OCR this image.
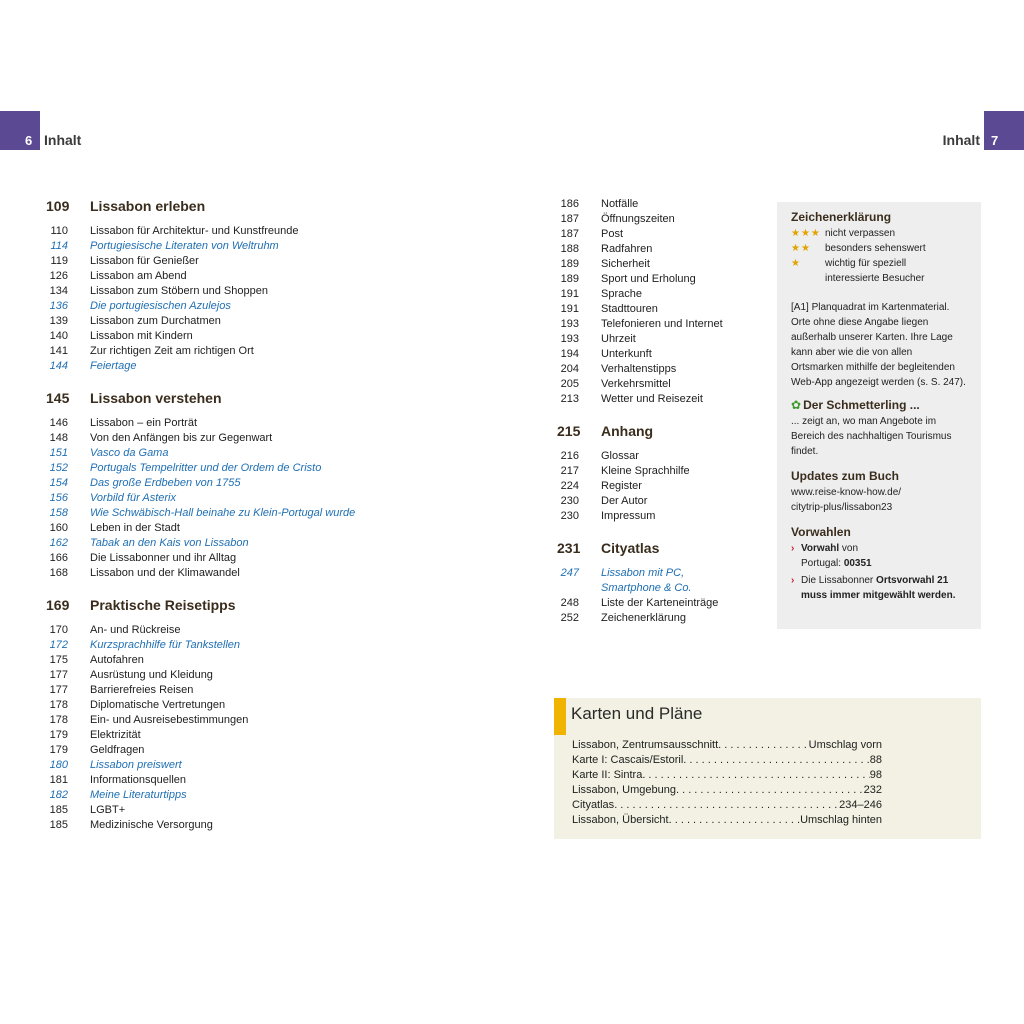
6 Inhalt	Inhalt 7
109	Lissabon erleben
110 Lissabon für Architektur- und Kunstfreunde
114 Portugiesische Literaten von Weltruhm
119 Lissabon für Genießer
126 Lissabon am Abend
134 Lissabon zum Stöbern und Shoppen
136 Die portugiesischen Azulejos
139 Lissabon zum Durchatmen
140 Lissabon mit Kindern
141 Zur richtigen Zeit am richtigen Ort
144 Feiertage
145	Lissabon verstehen
146 Lissabon – ein Porträt
148 Von den Anfängen bis zur Gegenwart
151 Vasco da Gama
152 Portugals Tempelritter und der Ordem de Cristo
154 Das große Erdbeben von 1755
156 Vorbild für Asterix
158 Wie Schwäbisch-Hall beinahe zu Klein-Portugal wurde
160 Leben in der Stadt
162 Tabak an den Kais von Lissabon
166 Die Lissabonner und ihr Alltag
168 Lissabon und der Klimawandel
169	Praktische Reisetipps
170 An- und Rückreise
172 Kurzsprachhilfe für Tankstellen
175 Autofahren
177 Ausrüstung und Kleidung
177 Barrierefreies Reisen
178 Diplomatische Vertretungen
178 Ein- und Ausreisebestimmungen
179 Elektrizität
179 Geldfragen
180 Lissabon preiswert
181 Informationsquellen
182 Meine Literaturtipps
185 LGBT+
185 Medizinische Versorgung
186 Notfälle
187 Öffnungszeiten
187 Post
188 Radfahren
189 Sicherheit
189 Sport und Erholung
191 Sprache
191 Stadttouren
193 Telefonieren und Internet
193 Uhrzeit
194 Unterkunft
204 Verhaltenstipps
205 Verkehrsmittel
213 Wetter und Reisezeit
215	Anhang
216 Glossar
217 Kleine Sprachhilfe
224 Register
230 Der Autor
230 Impressum
231	Cityatlas
247 Lissabon mit PC, Smartphone & Co.
248 Liste der Karteneinträge
252 Zeichenerklärung
Zeichenerklärung
★★★ nicht verpassen
★★ besonders sehenswert
★ wichtig für speziell
interessierte Besucher
[A1] Planquadrat im Kartenmaterial. Orte ohne diese Angabe liegen außerhalb unserer Karten. Ihre Lage kann aber wie die von allen Ortsmarken mithilfe der begleitenden Web-App angezeigt werden (s. S. 247).
✿ Der Schmetterling ...
... zeigt an, wo man Angebote im Bereich des nachhaltigen Tourismus findet.
Updates zum Buch
www.reise-know-how.de/
citytrip-plus/lissabon23
Vorwahlen
› Vorwahl von
Portugal: 00351
› Die Lissabonner Ortsvorwahl 21
muss immer mitgewählt werden.
Karten und Pläne
Lissabon, Zentrumsausschnitt . . .	Umschlag vorn
Karte I: Cascais/Estoril . . .	88
Karte II: Sintra . . .	98
Lissabon, Umgebung . . .	232
Cityatlas . . .	234–246
Lissabon, Übersicht . . .	Umschlag hinten
